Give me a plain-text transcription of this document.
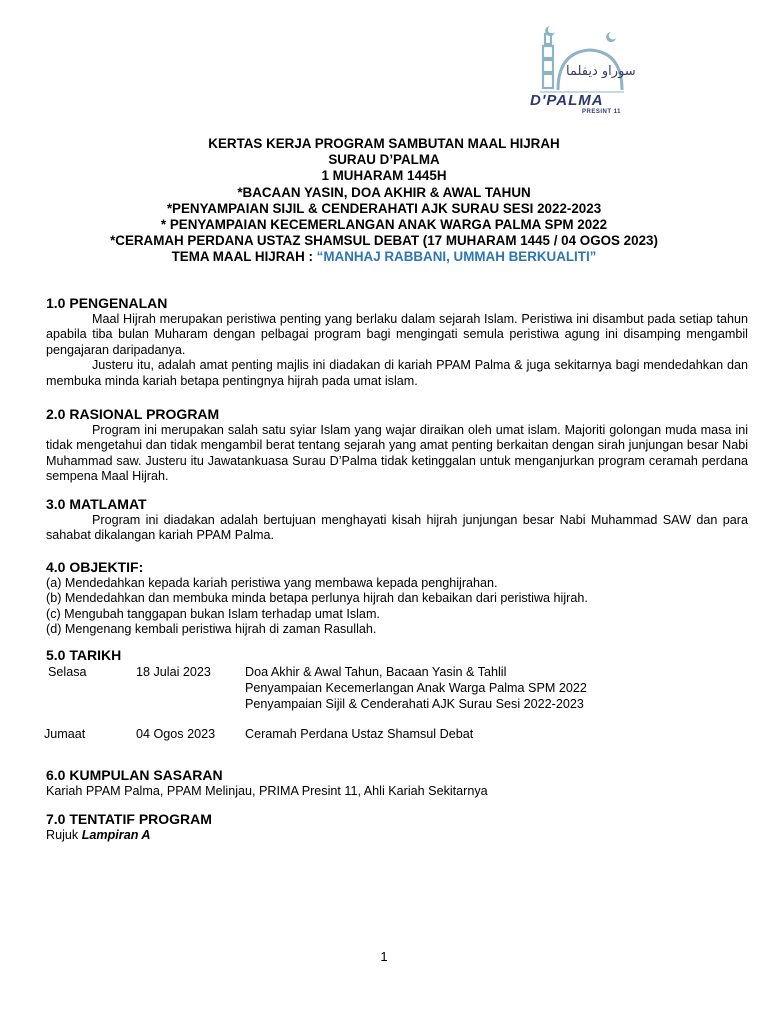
سوراو ديفلما
D'PALMA
PRESINT 11
KERTAS KERJA PROGRAM SAMBUTAN MAAL HIJRAH
SURAU D’PALMA
1 MUHARAM 1445H
*BACAAN YASIN, DOA AKHIR & AWAL TAHUN
*PENYAMPAIAN SIJIL & CENDERAHATI AJK SURAU SESI 2022-2023
* PENYAMPAIAN KECEMERLANGAN ANAK WARGA PALMA SPM 2022
*CERAMAH PERDANA USTAZ SHAMSUL DEBAT (17 MUHARAM 1445 / 04 OGOS 2023)
TEMA MAAL HIJRAH : “MANHAJ RABBANI, UMMAH BERKUALITI”
1.0 PENGENALAN

Maal Hijrah merupakan peristiwa penting yang berlaku dalam sejarah Islam. Peristiwa ini disambut pada setiap tahun apabila tiba bulan Muharam dengan pelbagai program bagi mengingati semula peristiwa agung ini disamping mengambil pengajaran daripadanya.

Justeru itu, adalah amat penting majlis ini diadakan di kariah PPAM Palma & juga sekitarnya bagi mendedahkan dan membuka minda kariah betapa pentingnya hijrah pada umat islam.

2.0 RASIONAL PROGRAM

Program ini merupakan salah satu syiar Islam yang wajar diraikan oleh umat islam. Majoriti golongan muda masa ini tidak mengetahui dan tidak mengambil berat tentang sejarah yang amat penting berkaitan dengan sirah junjungan besar Nabi Muhammad saw. Justeru itu Jawatankuasa Surau D’Palma tidak ketinggalan untuk menganjurkan program ceramah perdana sempena Maal Hijrah.

3.0 MATLAMAT

Program ini diadakan adalah bertujuan menghayati kisah hijrah junjungan besar Nabi Muhammad SAW dan para sahabat dikalangan kariah PPAM Palma.

4.0 OBJEKTIF:
(a) Mendedahkan kepada kariah peristiwa yang membawa kepada penghijrahan.
(b) Mendedahkan dan membuka minda betapa perlunya hijrah dan kebaikan dari peristiwa hijrah.
(c) Mengubah tanggapan bukan Islam terhadap umat Islam.
(d) Mengenang kembali peristiwa hijrah di zaman Rasullah.
5.0 TARIKH
Selasa	18 Julai 2023	Doa Akhir & Awal Tahun, Bacaan Yasin & Tahlil
Penyampaian Kecemerlangan Anak Warga Palma SPM 2022
Penyampaian Sijil & Cenderahati AJK Surau Sesi 2022-2023
Jumaat	04 Ogos 2023 Ceramah Perdana Ustaz Shamsul Debat
6.0 KUMPULAN SASARAN
Kariah PPAM Palma, PPAM Melinjau, PRIMA Presint 11, Ahli Kariah Sekitarnya
7.0 TENTATIF PROGRAM
Rujuk Lampiran A
1
